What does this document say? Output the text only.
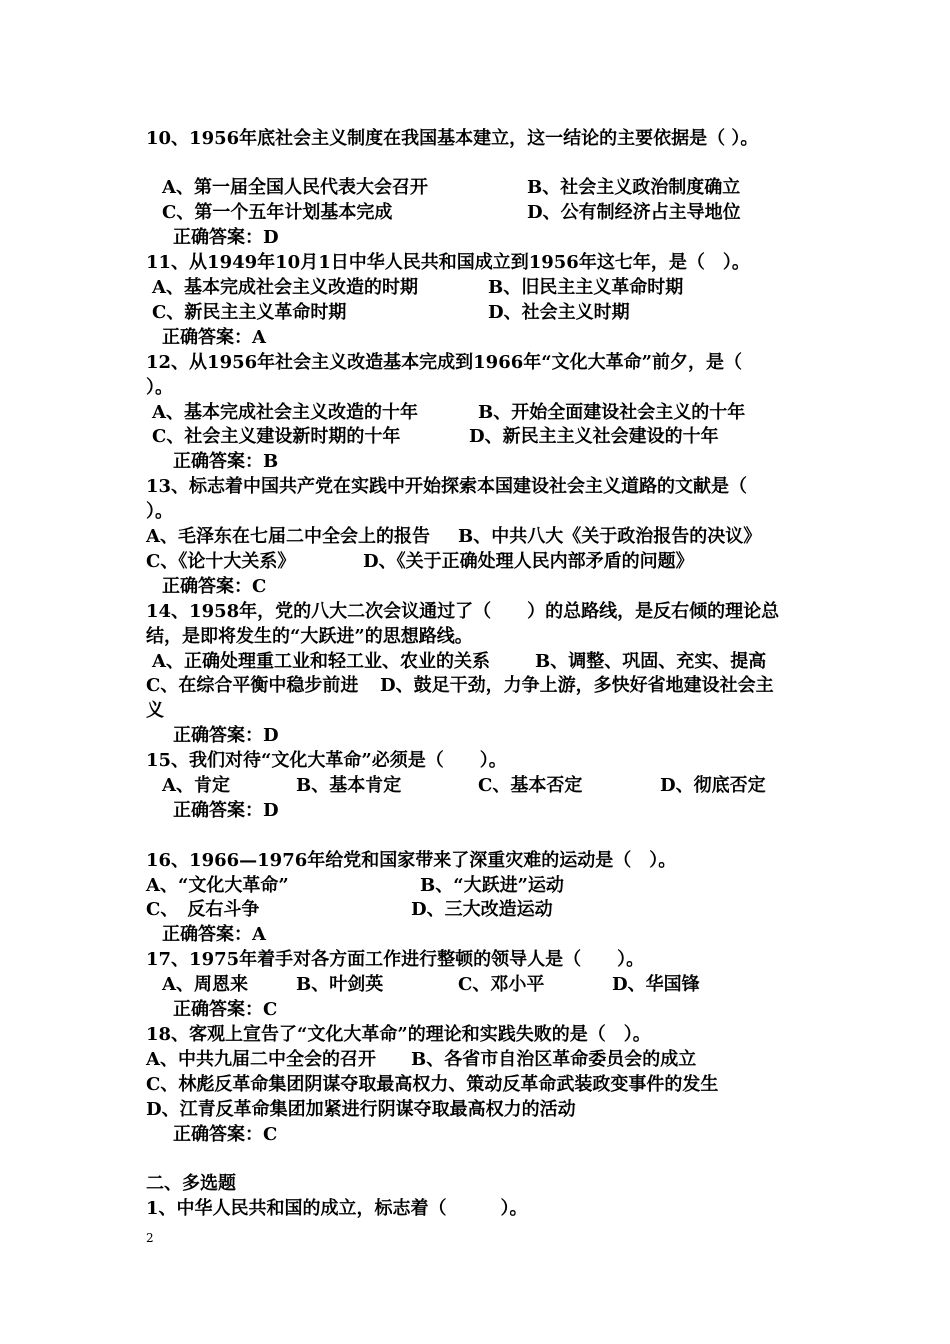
10、1956年底社会主义制度在我国基本建立，这一结论的主要依据是（ ）。
A、第一届全国人民代表大会召开	B、社会主义政治制度确立
C、第一个五年计划基本完成	D、公有制经济占主导地位
正确答案：D
11、从1949年10月1日中华人民共和国成立到1956年这七年，是（　）。
A、基本完成社会主义改造的时期	B、旧民主主义革命时期
C、新民主主义革命时期	D、社会主义时期
正确答案：A
12、从1956年社会主义改造基本完成到1966年“文化大革命”前夕，是（
）。
A、基本完成社会主义改造的十年	B、开始全面建设社会主义的十年
C、社会主义建设新时期的十年	D、新民主主义社会建设的十年
正确答案：B
13、标志着中国共产党在实践中开始探索本国建设社会主义道路的文献是（
）。
A、毛泽东在七届二中全会上的报告 B、中共八大《关于政治报告的决议》
C、《论十大关系》	D、《关于正确处理人民内部矛盾的问题》
正确答案：C
14、1958年，党的八大二次会议通过了（　　）的总路线，是反右倾的理论总
结，是即将发生的“大跃进”的思想路线。
A、正确处理重工业和轻工业、农业的关系	B、调整、巩固、充实、提高
C、在综合平衡中稳步前进 D、鼓足干劲，力争上游，多快好省地建设社会主
义
正确答案：D
15、我们对待“文化大革命”必须是（　　）。
A、肯定	B、基本肯定	C、基本否定	D、彻底否定
正确答案：D
16、1966—1976年给党和国家带来了深重灾难的运动是（　）。
A、“文化大革命”	B、“大跃进”运动
C、　反右斗争	D、三大改造运动
正确答案：A
17、1975年着手对各方面工作进行整顿的领导人是（　　）。
A、周恩来	B、叶剑英	C、邓小平	D、华国锋
正确答案：C
18、客观上宣告了“文化大革命”的理论和实践失败的是（　）。
A、中共九届二中全会的召开 B、各省市自治区革命委员会的成立
C、林彪反革命集团阴谋夺取最高权力、策动反革命武装政变事件的发生
D、江青反革命集团加紧进行阴谋夺取最高权力的活动
正确答案：C
二、多选题
1、中华人民共和国的成立，标志着（　　　）。
2
